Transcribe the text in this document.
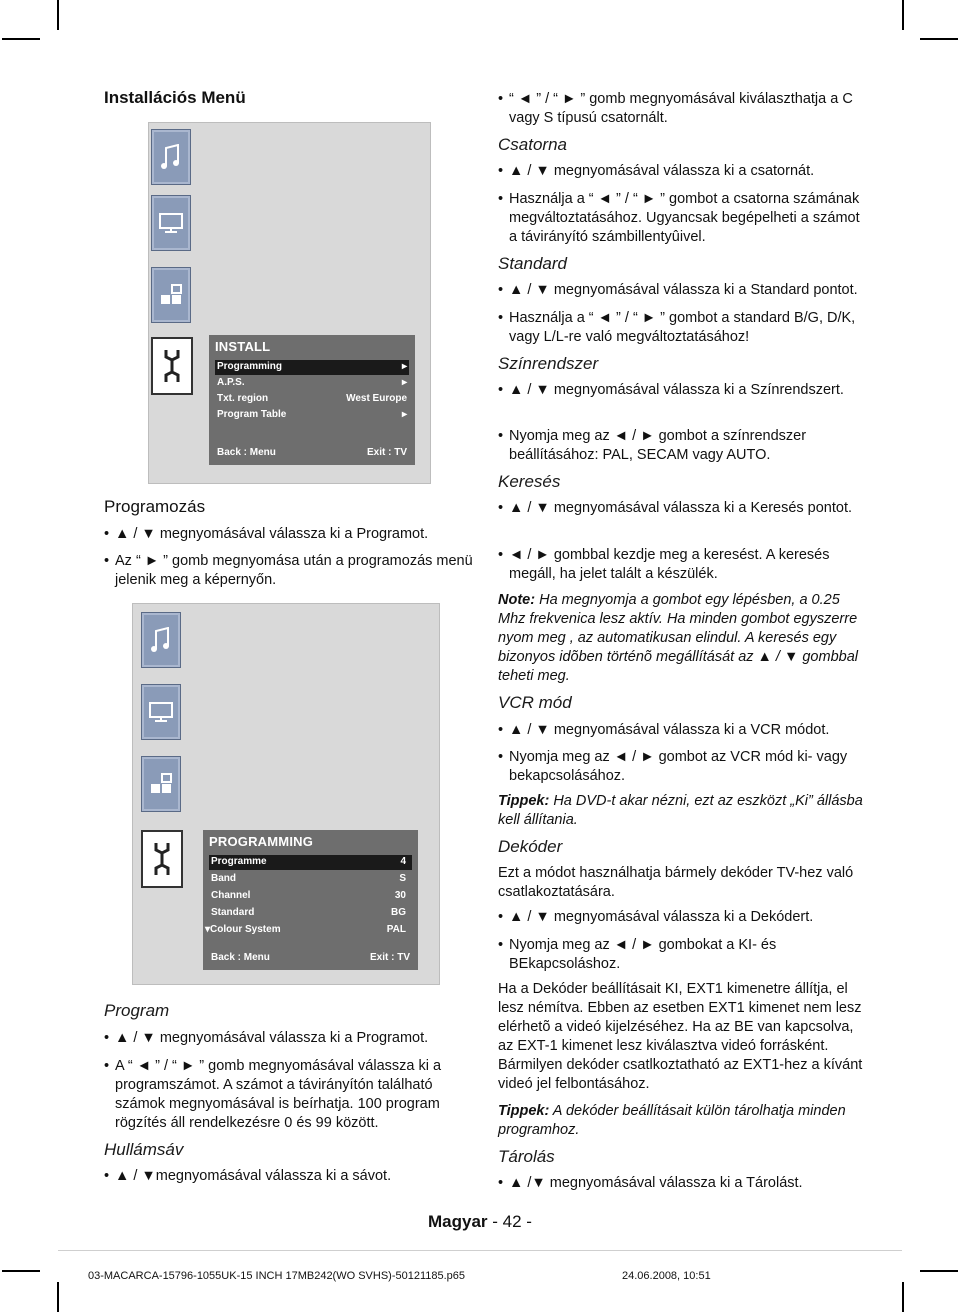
Installációs Menü
INSTALL
Programming	▸
A.P.S.	▸
Txt. region	West Europe
Program Table	▸
Back : Menu	Exit : TV
Programozás
• ▲ / ▼ megnyomásával válassza ki a Programot.
• Az “ ► ” gomb megnyomása után a programozás menü jelenik meg a képernyőn.
PROGRAMMING
Programme	4
Band	S
Channel	30
Standard	BG
▾Colour System	PAL
Back : Menu	Exit : TV
Program
• ▲ / ▼ megnyomásával válassza ki a Programot.
• A “ ◄ ” / “ ► ” gomb megnyomásával válassza ki a programszámot. A számot a távirányítón található számok megnyomásával is beírhatja. 100 program rögzítés áll rendelkezésre 0 és 99 között.
Hullámsáv
• ▲ / ▼megnyomásával válassza ki a sávot.
• “ ◄ ” / “ ► ” gomb megnyomásával kiválaszthatja a C vagy S típusú csatornált.
Csatorna
• ▲ / ▼ megnyomásával válassza ki a csatornát.
• Használja a “ ◄ ” / “ ► ” gombot a csatorna számának megváltoztatásához. Ugyancsak begépelheti a számot a távirányító számbillentyûivel.
Standard
• ▲ / ▼ megnyomásával válassza ki a Standard pontot.
• Használja a “ ◄ ” / “ ► ” gombot a standard B/G, D/K, vagy L/L-re való megváltoztatásához!
Színrendszer
• ▲ / ▼ megnyomásával válassza ki a Színrendszert.
• Nyomja meg az ◄ / ► gombot a színrendszer beállításához: PAL, SECAM vagy AUTO.
Keresés
• ▲ / ▼ megnyomásával válassza ki a Keresés pontot.
• ◄ / ► gombbal kezdje meg a keresést. A keresés megáll, ha jelet talált a készülék.
Note: Ha megnyomja a gombot egy lépésben, a 0.25 Mhz frekvenica lesz aktív. Ha minden gombot egyszerre nyom meg , az automatikusan elindul. A keresés egy bizonyos idõben történõ megállítását az ▲ / ▼ gombbal teheti meg.
VCR mód
• ▲ / ▼ megnyomásával válassza ki a VCR módot.
• Nyomja meg az ◄ / ► gombot az VCR mód ki- vagy bekapcsolásához.
Tippek: Ha DVD-t akar nézni, ezt az eszközt „Ki” állásba kell állítania.
Dekóder
Ezt a módot használhatja bármely dekóder TV-hez való csatlakoztatására.
• ▲ / ▼ megnyomásával válassza ki a Dekódert.
• Nyomja meg az ◄ / ► gombokat a KI- és BEkapcsoláshoz.
Ha a Dekóder beállításait KI, EXT1 kimenetre állítja, el lesz némítva. Ebben az esetben EXT1 kimenet nem lesz elérhetõ a videó kijelzéséhez. Ha az BE van kapcsolva, az EXT-1 kimenet lesz kiválasztva videó forrásként. Bármilyen dekóder csatlkoztatható az EXT1-hez a kívánt videó jel felbontásához.
Tippek: A dekóder beállításait külön tárolhatja minden programhoz.
Tárolás
• ▲ /▼ megnyomásával válassza ki a Tárolást.
Magyar - 42 -
03-MACARCA-15796-1055UK-15 INCH 17MB242(WO SVHS)-50121185.p65	24.06.2008, 10:51
